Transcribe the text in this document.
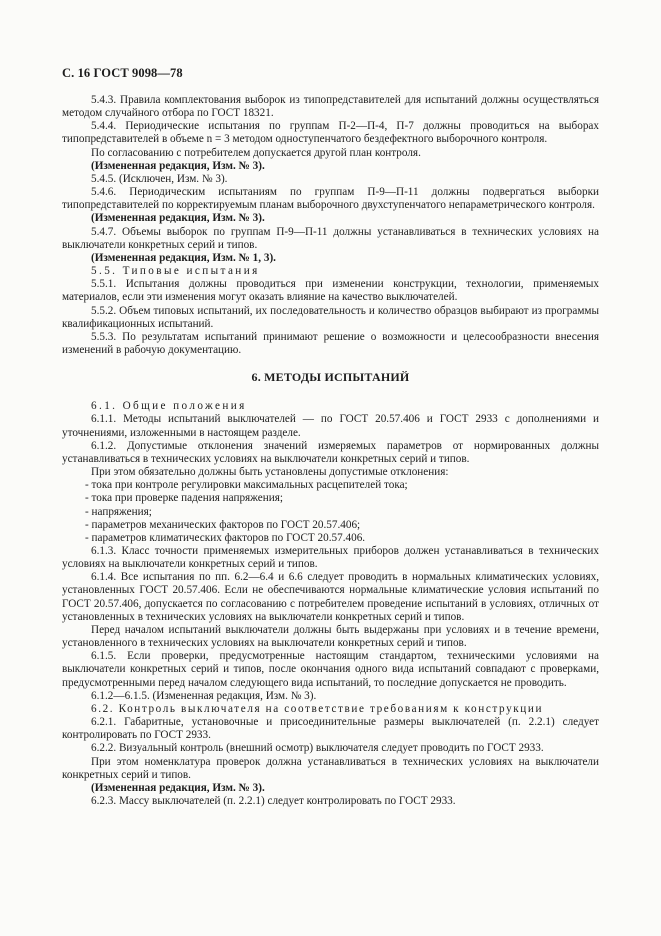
С. 16 ГОСТ 9098—78

5.4.3. Правила комплектования выборок из типопредставителей для испытаний должны осуществляться методом случайного отбора по ГОСТ 18321.

5.4.4. Периодические испытания по группам П-2—П-4, П-7 должны проводиться на выборах типопредставителей в объеме n = 3 методом одноступенчатого бездефектного выборочного контроля.

По согласованию с потребителем допускается другой план контроля.

(Измененная редакция, Изм. № 3).

5.4.5. (Исключен, Изм. № 3).

5.4.6. Периодическим испытаниям по группам П-9—П-11 должны подвергаться выборки типопредставителей по корректируемым планам выборочного двухступенчатого непараметрического контроля.

(Измененная редакция, Изм. № 3).

5.4.7. Объемы выборок по группам П-9—П-11 должны устанавливаться в технических условиях на выключатели конкретных серий и типов.

(Измененная редакция, Изм. № 1, 3).

5.5. Типовые испытания

5.5.1. Испытания должны проводиться при изменении конструкции, технологии, применяемых материалов, если эти изменения могут оказать влияние на качество выключателей.

5.5.2. Объем типовых испытаний, их последовательность и количество образцов выбирают из программы квалификационных испытаний.

5.5.3. По результатам испытаний принимают решение о возможности и целесообразности внесения изменений в рабочую документацию.

6. МЕТОДЫ ИСПЫТАНИЙ

6.1. Общие положения

6.1.1. Методы испытаний выключателей — по ГОСТ 20.57.406 и ГОСТ 2933 с дополнениями и уточнениями, изложенными в настоящем разделе.

6.1.2. Допустимые отклонения значений измеряемых параметров от нормированных должны устанавливаться в технических условиях на выключатели конкретных серий и типов.

При этом обязательно должны быть установлены допустимые отклонения:

- тока при контроле регулировки максимальных расцепителей тока;
- тока при проверке падения напряжения;
- напряжения;
- параметров механических факторов по ГОСТ 20.57.406;
- параметров климатических факторов по ГОСТ 20.57.406.

6.1.3. Класс точности применяемых измерительных приборов должен устанавливаться в технических условиях на выключатели конкретных серий и типов.

6.1.4. Все испытания по пп. 6.2—6.4 и 6.6 следует проводить в нормальных климатических условиях, установленных ГОСТ 20.57.406. Если не обеспечиваются нормальные климатические условия испытаний по ГОСТ 20.57.406, допускается по согласованию с потребителем проведение испытаний в условиях, отличных от установленных в технических условиях на выключатели конкретных серий и типов.

Перед началом испытаний выключатели должны быть выдержаны при условиях и в течение времени, установленного в технических условиях на выключатели конкретных серий и типов.

6.1.5. Если проверки, предусмотренные настоящим стандартом, техническими условиями на выключатели конкретных серий и типов, после окончания одного вида испытаний совпадают с проверками, предусмотренными перед началом следующего вида испытаний, то последние допускается не проводить.

6.1.2—6.1.5. (Измененная редакция, Изм. № 3).

6.2. Контроль выключателя на соответствие требованиям к конструкции

6.2.1. Габаритные, установочные и присоединительные размеры выключателей (п. 2.2.1) следует контролировать по ГОСТ 2933.

6.2.2. Визуальный контроль (внешний осмотр) выключателя следует проводить по ГОСТ 2933.

При этом номенклатура проверок должна устанавливаться в технических условиях на выключатели конкретных серий и типов.

(Измененная редакция, Изм. № 3).

6.2.3. Массу выключателей (п. 2.2.1) следует контролировать по ГОСТ 2933.
